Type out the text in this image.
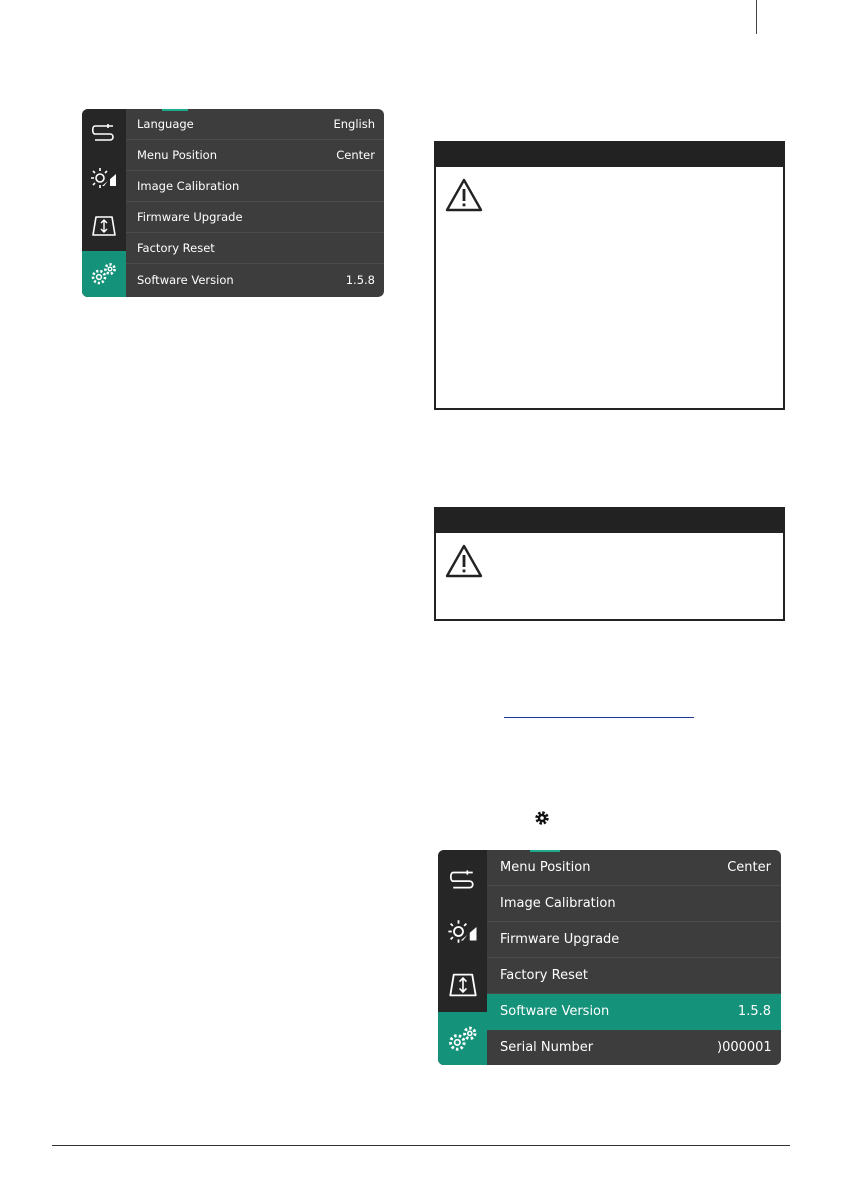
Language	English
Menu Position	Center
Image Calibration
Firmware Upgrade
Factory Reset
Software Version	1.5.8
Menu Position	Center
Image Calibration
Firmware Upgrade
Factory Reset
Software Version	1.5.8
Serial Number	)000001
